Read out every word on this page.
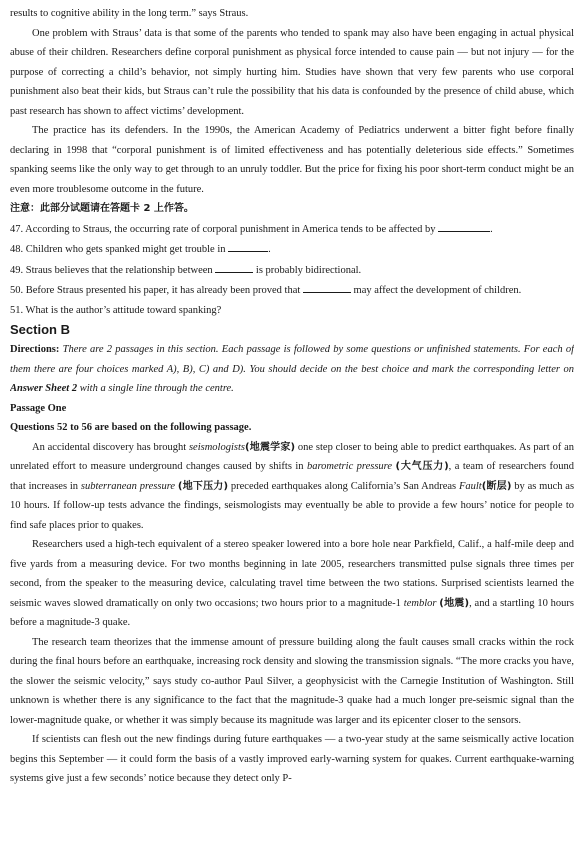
results to cognitive ability in the long term.” says Straus.

One problem with Straus’ data is that some of the parents who tended to spank may also have been engaging in actual physical abuse of their children. Researchers define corporal punishment as physical force intended to cause pain — but not injury — for the purpose of correcting a child’s behavior, not simply hurting him. Studies have shown that very few parents who use corporal punishment also beat their kids, but Straus can’t rule the possibility that his data is confounded by the presence of child abuse, which past research has shown to affect victims’ development.

The practice has its defenders. In the 1990s, the American Academy of Pediatrics underwent a bitter fight before finally declaring in 1998 that “corporal punishment is of limited effectiveness and has potentially deleterious side effects.” Sometimes spanking seems like the only way to get through to an unruly toddler. But the price for fixing his poor short-term conduct might be an even more troublesome outcome in the future.

注意：此部分试题请在答题卡 2 上作答。

47. According to Straus, the occurring rate of corporal punishment in America tends to be affected by	.

48. Children who gets spanked might get trouble in	.

49. Straus believes that the relationship between	is probably bidirectional.

50. Before Straus presented his paper, it has already been proved that	may affect the development of children.

51. What is the author’s attitude toward spanking?

Section B

Directions: There are 2 passages in this section. Each passage is followed by some questions or unfinished statements. For each of them there are four choices marked A), B), C) and D). You should decide on the best choice and mark the corresponding letter on Answer Sheet 2 with a single line through the centre.

Passage One

Questions 52 to 56 are based on the following passage.

An accidental discovery has brought seismologists(地震学家) one step closer to being able to predict earthquakes. As part of an unrelated effort to measure underground changes caused by shifts in barometric pressure (大气压力), a team of researchers found that increases in subterranean pressure (地下压力) preceded earthquakes along California’s San Andreas Fault(断层) by as much as 10 hours. If follow-up tests advance the findings, seismologists may eventually be able to provide a few hours’ notice for people to find safe places prior to quakes.

Researchers used a high-tech equivalent of a stereo speaker lowered into a bore hole near Parkfield, Calif., a half-mile deep and five yards from a measuring device. For two months beginning in late 2005, researchers transmitted pulse signals three times per second, from the speaker to the measuring device, calculating travel time between the two stations. Surprised scientists learned the seismic waves slowed dramatically on only two occasions; two hours prior to a magnitude-1 temblor (地震), and a startling 10 hours before a magnitude-3 quake.

The research team theorizes that the immense amount of pressure building along the fault causes small cracks within the rock during the final hours before an earthquake, increasing rock density and slowing the transmission signals. “The more cracks you have, the slower the seismic velocity,” says study co-author Paul Silver, a geophysicist with the Carnegie Institution of Washington. Still unknown is whether there is any significance to the fact that the magnitude-3 quake had a much longer pre-seismic signal than the lower-magnitude quake, or whether it was simply because its magnitude was larger and its epicenter closer to the sensors.

If scientists can flesh out the new findings during future earthquakes — a two-year study at the same seismically active location begins this September — it could form the basis of a vastly improved early-warning system for quakes. Current earthquake-warning systems give just a few seconds’ notice because they detect only P-
